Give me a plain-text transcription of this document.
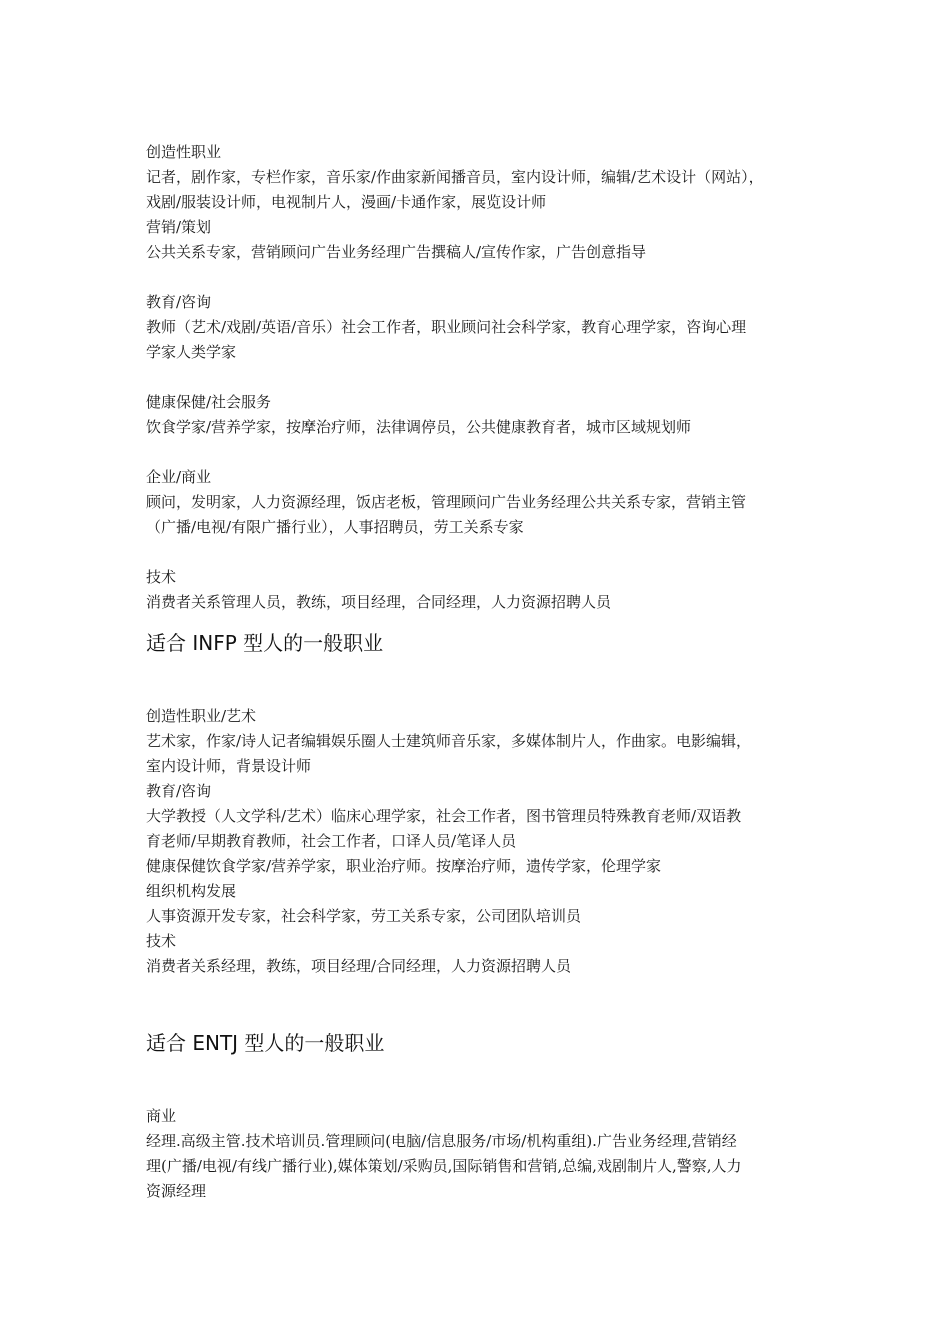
创造性职业
记者，剧作家，专栏作家，音乐家/作曲家新闻播音员，室内设计师，编辑/艺术设计（网站），
戏剧/服装设计师，电视制片人，漫画/卡通作家，展览设计师
营销/策划
公共关系专家，营销顾问广告业务经理广告撰稿人/宣传作家，广告创意指导
教育/咨询
教师（艺术/戏剧/英语/音乐）社会工作者，职业顾问社会科学家，教育心理学家，咨询心理
学家人类学家
健康保健/社会服务
饮食学家/营养学家，按摩治疗师，法律调停员，公共健康教育者，城市区域规划师
企业/商业
顾问，发明家，人力资源经理，饭店老板，管理顾问广告业务经理公共关系专家，营销主管
（广播/电视/有限广播行业），人事招聘员，劳工关系专家
技术
消费者关系管理人员，教练，项目经理，合同经理，人力资源招聘人员
适合 INFP 型人的一般职业
创造性职业/艺术
艺术家，作家/诗人记者编辑娱乐圈人士建筑师音乐家，多媒体制片人，作曲家。电影编辑，
室内设计师，背景设计师
教育/咨询
大学教授（人文学科/艺术）临床心理学家，社会工作者，图书管理员特殊教育老师/双语教
育老师/早期教育教师，社会工作者，口译人员/笔译人员
健康保健饮食学家/营养学家，职业治疗师。按摩治疗师，遗传学家，伦理学家
组织机构发展
人事资源开发专家，社会科学家，劳工关系专家，公司团队培训员
技术
消费者关系经理，教练，项目经理/合同经理，人力资源招聘人员
适合 ENTJ 型人的一般职业
商业
经理.高级主管.技术培训员.管理顾问(电脑/信息服务/市场/机构重组).广告业务经理,营销经
理(广播/电视/有线广播行业),媒体策划/采购员,国际销售和营销,总编,戏剧制片人,警察,人力
资源经理
